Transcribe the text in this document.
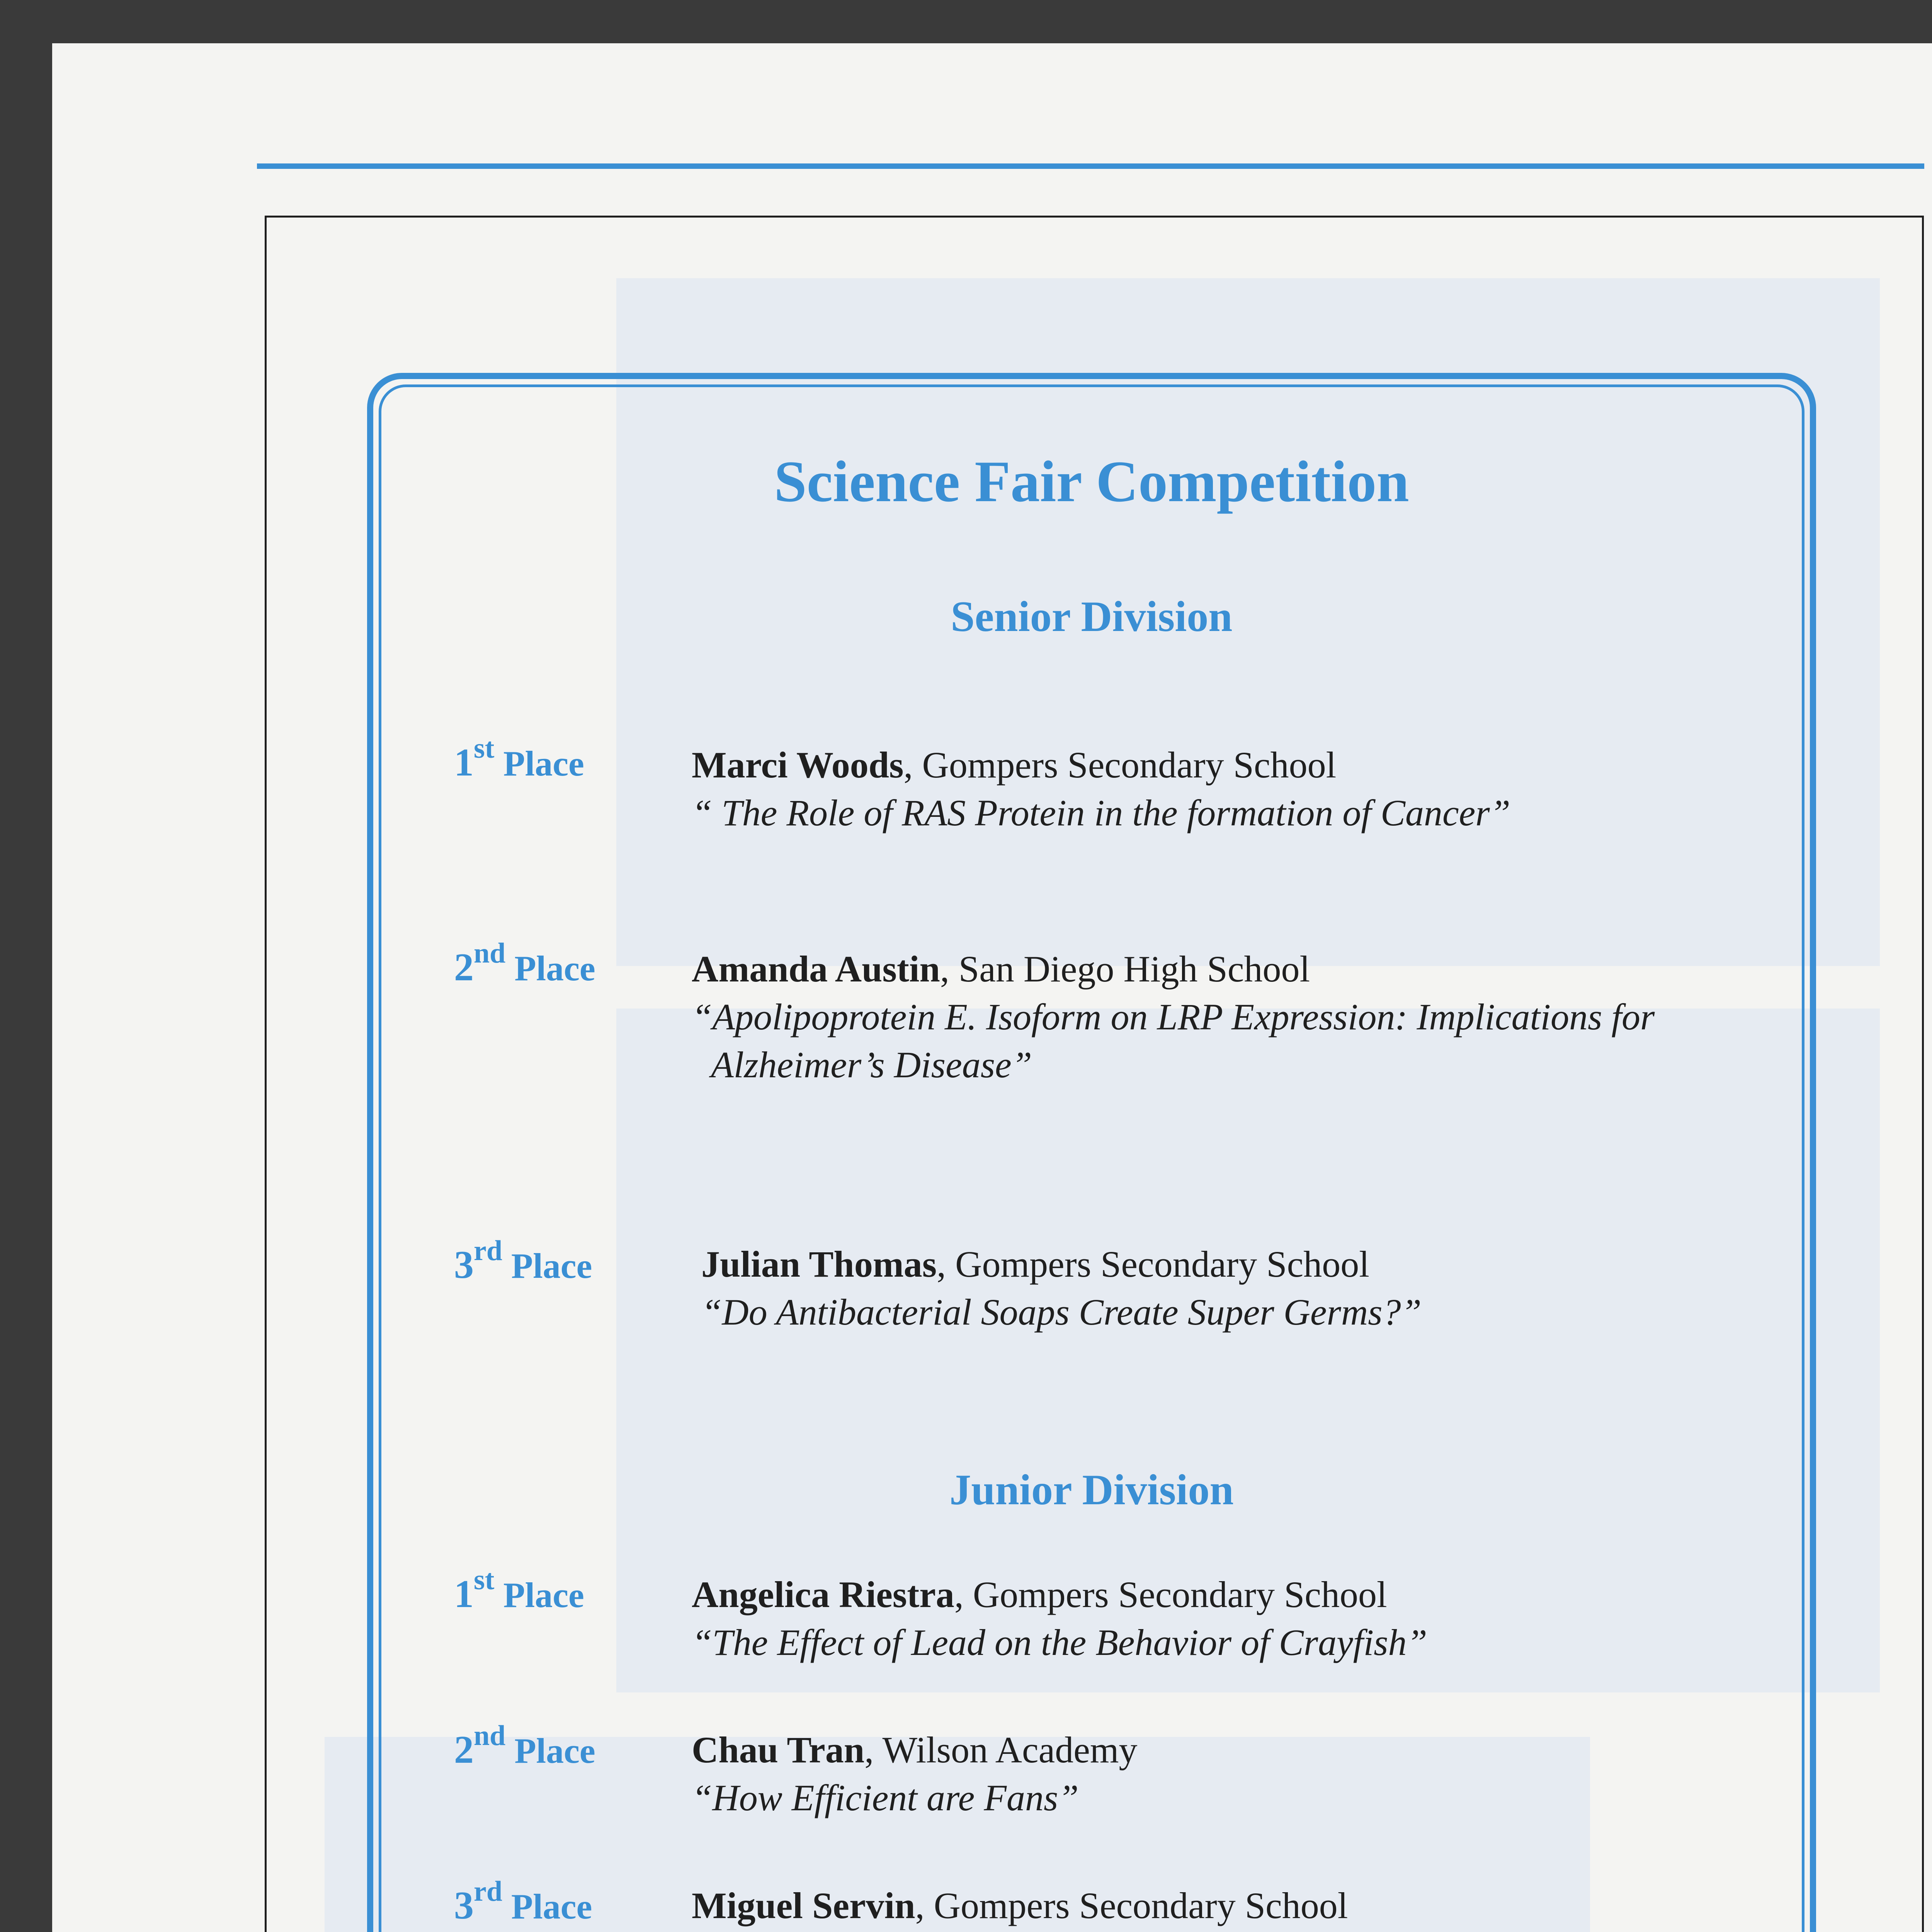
Science Fair Competition
Senior Division
1st Place	Marci Woods, Gompers Secondary School
“ The Role of RAS Protein in the formation of Cancer”
2nd Place	Amanda Austin, San Diego High School
“Apolipoprotein E. Isoform on LRP Expression: Implications for
Alzheimer’s Disease”
3rd Place	Julian Thomas, Gompers Secondary School
“Do Antibacterial Soaps Create Super Germs?”
Junior Division
1st Place	Angelica Riestra, Gompers Secondary School
“The Effect of Lead on the Behavior of Crayfish”
2nd Place	Chau Tran, Wilson Academy
“How Efficient are Fans”
3rd Place	Miguel Servin, Gompers Secondary School
